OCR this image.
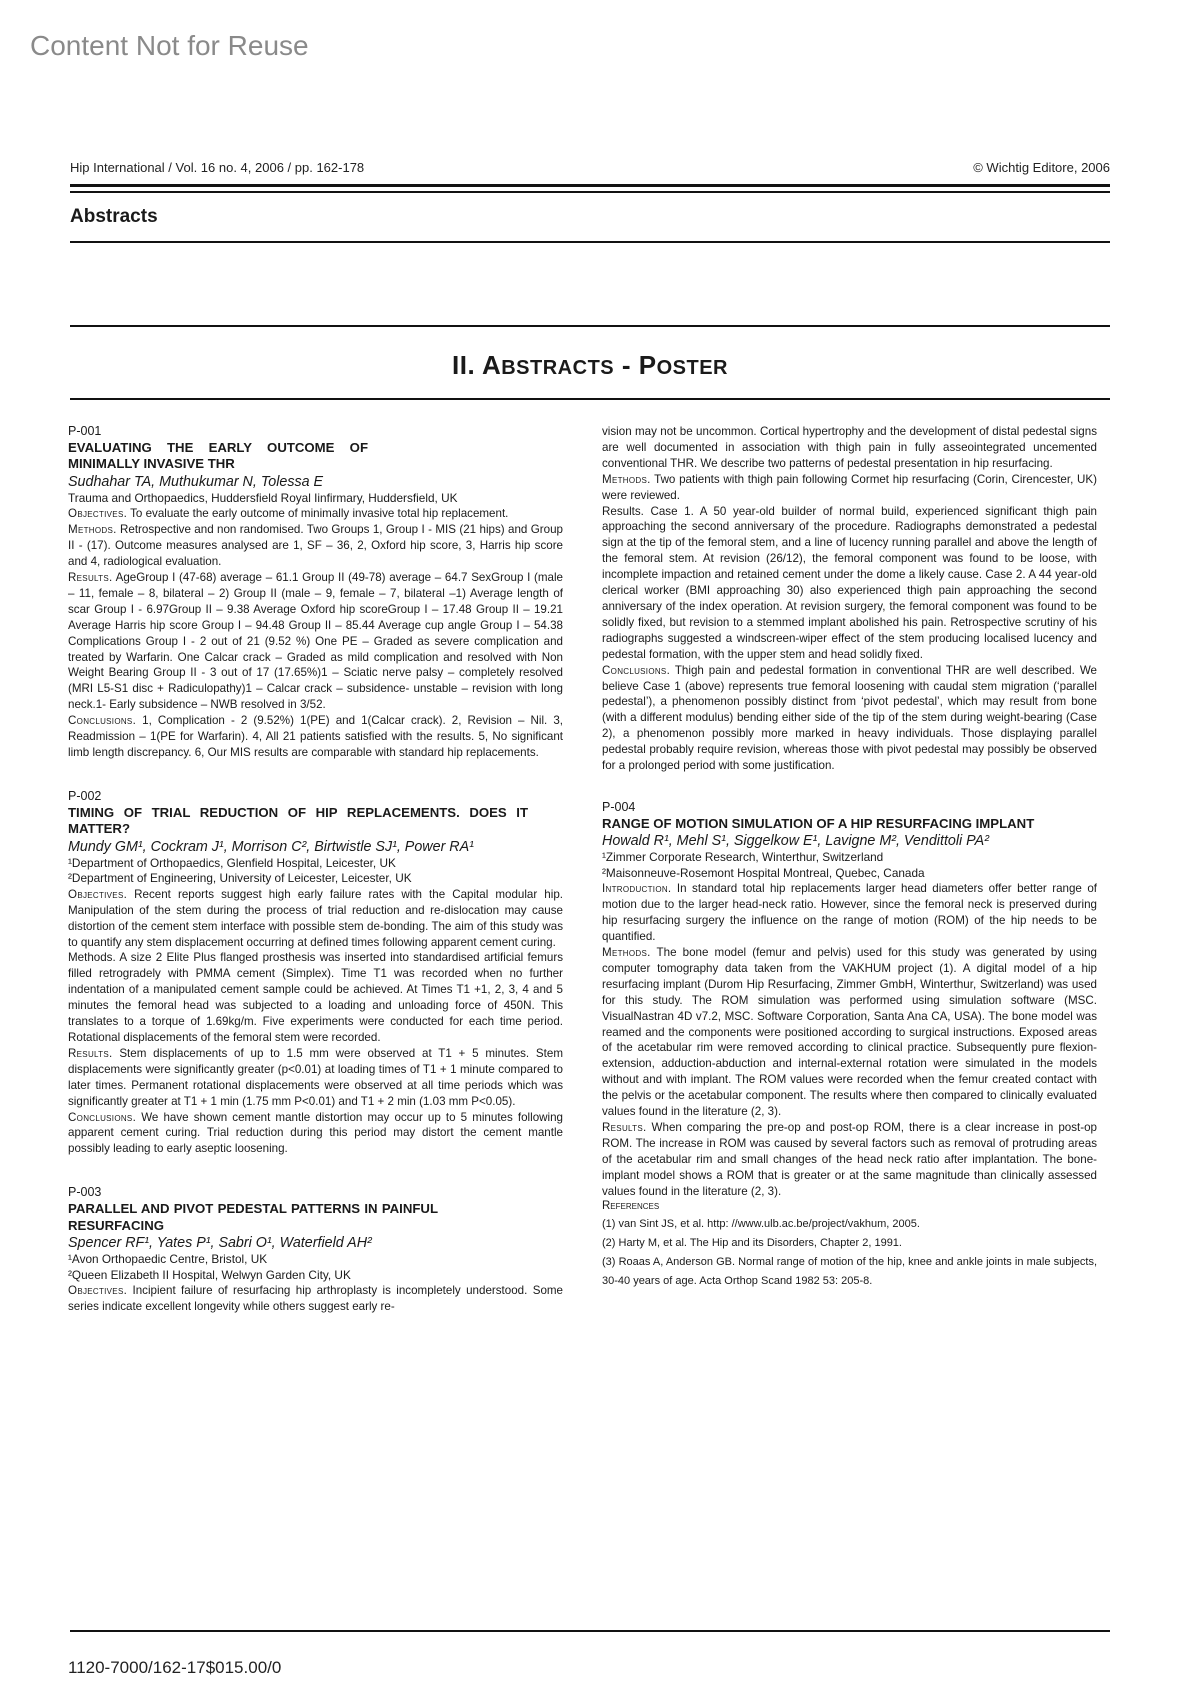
Content Not for Reuse
Hip International / Vol. 16 no. 4, 2006 / pp. 162-178	© Wichtig Editore, 2006
Abstracts
II. ABSTRACTS - POSTER

P-001

EVALUATING THE EARLY OUTCOME OF MINIMALLY INVASIVE THR

Sudhahar TA, Muthukumar N, Tolessa E

Trauma and Orthopaedics, Huddersfield Royal Iinfirmary, Huddersfield, UK

Objectives. To evaluate the early outcome of minimally invasive total hip replacement.

Methods. Retrospective and non randomised. Two Groups 1, Group I - MIS (21 hips) and Group II - (17). Outcome measures analysed are 1, SF – 36, 2, Oxford hip score, 3, Harris hip score and 4, radiological evaluation.

Results. AgeGroup I (47-68) average – 61.1 Group II (49-78) average – 64.7 SexGroup I (male – 11, female – 8, bilateral – 2) Group II (male – 9, female – 7, bilateral –1) Average length of scar Group I - 6.97Group II – 9.38 Average Oxford hip scoreGroup I – 17.48 Group II – 19.21 Average Harris hip score Group I – 94.48 Group II – 85.44 Average cup angle Group I – 54.38 Complications Group I - 2 out of 21 (9.52 %) One PE – Graded as severe complication and treated by Warfarin. One Calcar crack – Graded as mild complication and resolved with Non Weight Bearing Group II - 3 out of 17 (17.65%)1 – Sciatic nerve palsy – completely resolved (MRI L5-S1 disc + Radiculopathy)1 – Calcar crack – subsidence- unstable – revision with long neck.1- Early subsidence – NWB resolved in 3/52.

Conclusions. 1, Complication - 2 (9.52%) 1(PE) and 1(Calcar crack). 2, Revision – Nil. 3, Readmission – 1(PE for Warfarin). 4, All 21 patients satisfied with the results. 5, No significant limb length discrepancy. 6, Our MIS results are comparable with standard hip replacements.

P-002

TIMING OF TRIAL REDUCTION OF HIP REPLACEMENTS. DOES IT MATTER?

Mundy GM¹, Cockram J¹, Morrison C², Birtwistle SJ¹, Power RA¹

¹Department of Orthopaedics, Glenfield Hospital, Leicester, UK

²Department of Engineering, University of Leicester, Leicester, UK

Objectives. Recent reports suggest high early failure rates with the Capital modular hip. Manipulation of the stem during the process of trial reduction and re-dislocation may cause distortion of the cement stem interface with possible stem de-bonding. The aim of this study was to quantify any stem displacement occurring at defined times following apparent cement curing.

Methods. A size 2 Elite Plus flanged prosthesis was inserted into standardised artificial femurs filled retrogradely with PMMA cement (Simplex). Time T1 was recorded when no further indentation of a manipulated cement sample could be achieved. At Times T1 +1, 2, 3, 4 and 5 minutes the femoral head was subjected to a loading and unloading force of 450N. This translates to a torque of 1.69kg/m. Five experiments were conducted for each time period. Rotational displacements of the femoral stem were recorded.

Results. Stem displacements of up to 1.5 mm were observed at T1 + 5 minutes. Stem displacements were significantly greater (p<0.01) at loading times of T1 + 1 minute compared to later times. Permanent rotational displacements were observed at all time periods which was significantly greater at T1 + 1 min (1.75 mm P<0.01) and T1 + 2 min (1.03 mm P<0.05).

Conclusions. We have shown cement mantle distortion may occur up to 5 minutes following apparent cement curing. Trial reduction during this period may distort the cement mantle possibly leading to early aseptic loosening.

P-003

PARALLEL AND PIVOT PEDESTAL PATTERNS IN PAINFUL RESURFACING

Spencer RF¹, Yates P¹, Sabri O¹, Waterfield AH²

¹Avon Orthopaedic Centre, Bristol, UK

²Queen Elizabeth II Hospital, Welwyn Garden City, UK

Objectives. Incipient failure of resurfacing hip arthroplasty is incompletely understood. Some series indicate excellent longevity while others suggest early re-

vision may not be uncommon. Cortical hypertrophy and the development of distal pedestal signs are well documented in association with thigh pain in fully asseointegrated uncemented conventional THR. We describe two patterns of pedestal presentation in hip resurfacing.

Methods. Two patients with thigh pain following Cormet hip resurfacing (Corin, Cirencester, UK) were reviewed.

Results. Case 1. A 50 year-old builder of normal build, experienced significant thigh pain approaching the second anniversary of the procedure. Radiographs demonstrated a pedestal sign at the tip of the femoral stem, and a line of lucency running parallel and above the length of the femoral stem. At revision (26/12), the femoral component was found to be loose, with incomplete impaction and retained cement under the dome a likely cause. Case 2. A 44 year-old clerical worker (BMI approaching 30) also experienced thigh pain approaching the second anniversary of the index operation. At revision surgery, the femoral component was found to be solidly fixed, but revision to a stemmed implant abolished his pain. Retrospective scrutiny of his radiographs suggested a windscreen-wiper effect of the stem producing localised lucency and pedestal formation, with the upper stem and head solidly fixed.

Conclusions. Thigh pain and pedestal formation in conventional THR are well described. We believe Case 1 (above) represents true femoral loosening with caudal stem migration (‘parallel pedestal’), a phenomenon possibly distinct from ‘pivot pedestal’, which may result from bone (with a different modulus) bending either side of the tip of the stem during weight-bearing (Case 2), a phenomenon possibly more marked in heavy individuals. Those displaying parallel pedestal probably require revision, whereas those with pivot pedestal may possibly be observed for a prolonged period with some justification.

P-004

RANGE OF MOTION SIMULATION OF A HIP RESURFACING IMPLANT

Howald R¹, Mehl S¹, Siggelkow E¹, Lavigne M², Vendittoli PA²

¹Zimmer Corporate Research, Winterthur, Switzerland

²Maisonneuve-Rosemont Hospital Montreal, Quebec, Canada

Introduction. In standard total hip replacements larger head diameters offer better range of motion due to the larger head-neck ratio. However, since the femoral neck is preserved during hip resurfacing surgery the influence on the range of motion (ROM) of the hip needs to be quantified.

Methods. The bone model (femur and pelvis) used for this study was generated by using computer tomography data taken from the VAKHUM project (1). A digital model of a hip resurfacing implant (Durom Hip Resurfacing, Zimmer GmbH, Winterthur, Switzerland) was used for this study. The ROM simulation was performed using simulation software (MSC. VisualNastran 4D v7.2, MSC. Software Corporation, Santa Ana CA, USA). The bone model was reamed and the components were positioned according to surgical instructions. Exposed areas of the acetabular rim were removed according to clinical practice. Subsequently pure flexion-extension, adduction-abduction and internal-external rotation were simulated in the models without and with implant. The ROM values were recorded when the femur created contact with the pelvis or the acetabular component. The results where then compared to clinically evaluated values found in the literature (2, 3).

Results. When comparing the pre-op and post-op ROM, there is a clear increase in post-op ROM. The increase in ROM was caused by several factors such as removal of protruding areas of the acetabular rim and small changes of the head neck ratio after implantation. The bone-implant model shows a ROM that is greater or at the same magnitude than clinically assessed values found in the literature (2, 3).

References

(1) van Sint JS, et al. http: //www.ulb.ac.be/project/vakhum, 2005.

(2) Harty M, et al. The Hip and its Disorders, Chapter 2, 1991.

(3) Roaas A, Anderson GB. Normal range of motion of the hip, knee and ankle joints in male subjects, 30-40 years of age. Acta Orthop Scand 1982 53: 205-8.

1120-7000/162-17$015.00/0
